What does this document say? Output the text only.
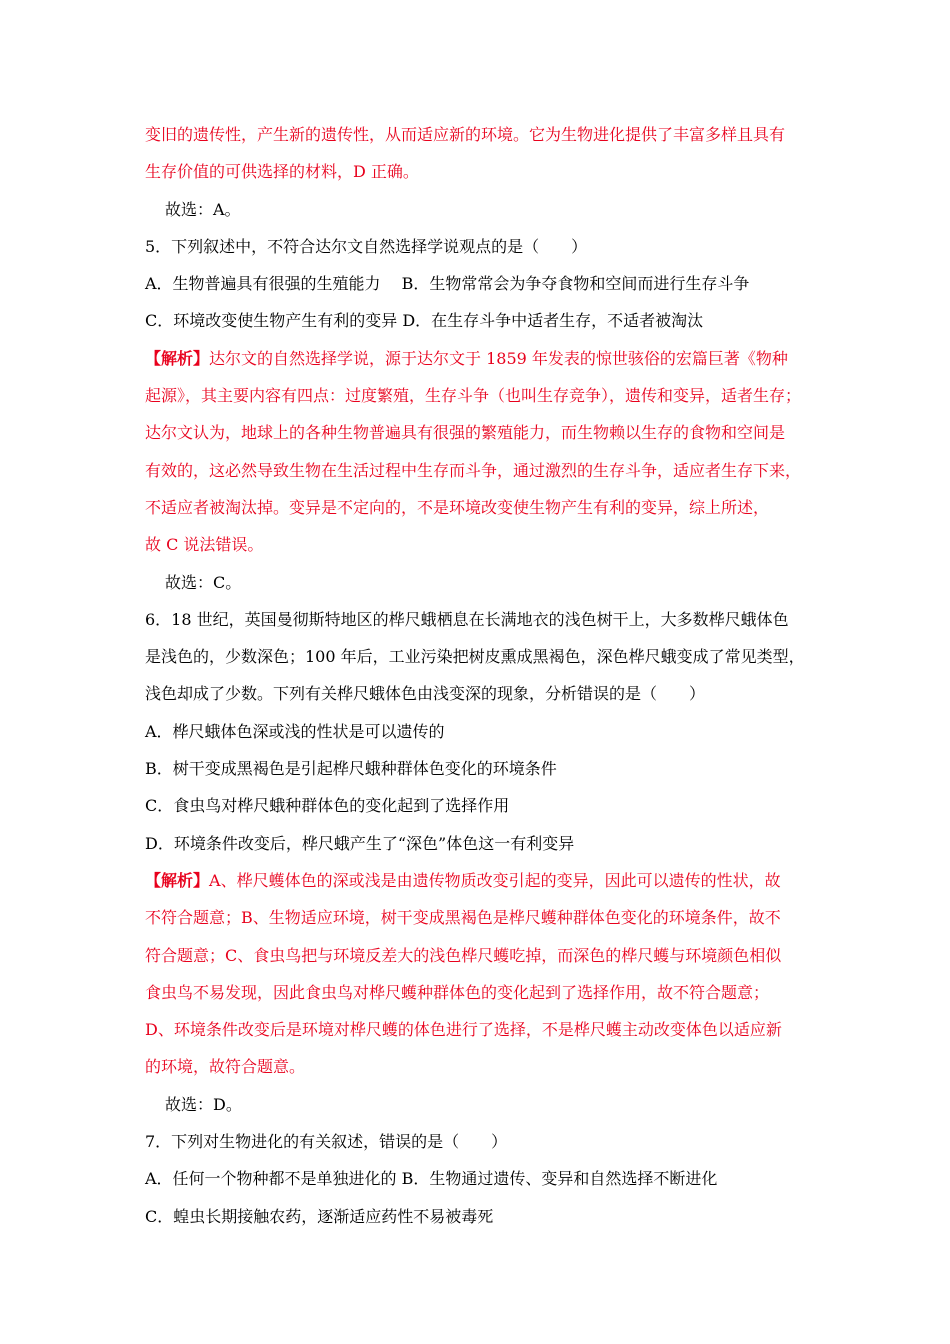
变旧的遗传性，产生新的遗传性，从而适应新的环境。它为生物进化提供了丰富多样且具有
生存价值的可供选择的材料，D 正确。
故选：A。
5．下列叙述中，不符合达尔文自然选择学说观点的是（　　）
A．生物普遍具有很强的生殖能力　 B．生物常常会为争夺食物和空间而进行生存斗争
C．环境改变使生物产生有利的变异 D．在生存斗争中适者生存，不适者被淘汰
【解析】达尔文的自然选择学说，源于达尔文于 1859 年发表的惊世骇俗的宏篇巨著《物种
起源》，其主要内容有四点：过度繁殖，生存斗争（也叫生存竞争），遗传和变异，适者生存；
达尔文认为，地球上的各种生物普遍具有很强的繁殖能力，而生物赖以生存的食物和空间是
有效的，这必然导致生物在生活过程中生存而斗争，通过激烈的生存斗争，适应者生存下来，
不适应者被淘汰掉。变异是不定向的，不是环境改变使生物产生有利的变异，综上所述，
故 C 说法错误。
故选：C。
6．18 世纪，英国曼彻斯特地区的桦尺蛾栖息在长满地衣的浅色树干上，大多数桦尺蛾体色
是浅色的，少数深色；100 年后，工业污染把树皮熏成黑褐色，深色桦尺蛾变成了常见类型，
浅色却成了少数。下列有关桦尺蛾体色由浅变深的现象，分析错误的是（　　）
A．桦尺蛾体色深或浅的性状是可以遗传的
B．树干变成黑褐色是引起桦尺蛾种群体色变化的环境条件
C．食虫鸟对桦尺蛾种群体色的变化起到了选择作用
D．环境条件改变后，桦尺蛾产生了“深色”体色这一有利变异
【解析】A、桦尺蠖体色的深或浅是由遗传物质改变引起的变异，因此可以遗传的性状，故
不符合题意；B、生物适应环境，树干变成黑褐色是桦尺蠖种群体色变化的环境条件，故不
符合题意；C、食虫鸟把与环境反差大的浅色桦尺蠖吃掉，而深色的桦尺蠖与环境颜色相似
食虫鸟不易发现，因此食虫鸟对桦尺蠖种群体色的变化起到了选择作用，故不符合题意；
D、环境条件改变后是环境对桦尺蠖的体色进行了选择，不是桦尺蠖主动改变体色以适应新
的环境，故符合题意。
故选：D。
7．下列对生物进化的有关叙述，错误的是（　　）
A．任何一个物种都不是单独进化的 B．生物通过遗传、变异和自然选择不断进化
C．蝗虫长期接触农药，逐渐适应药性不易被毒死
